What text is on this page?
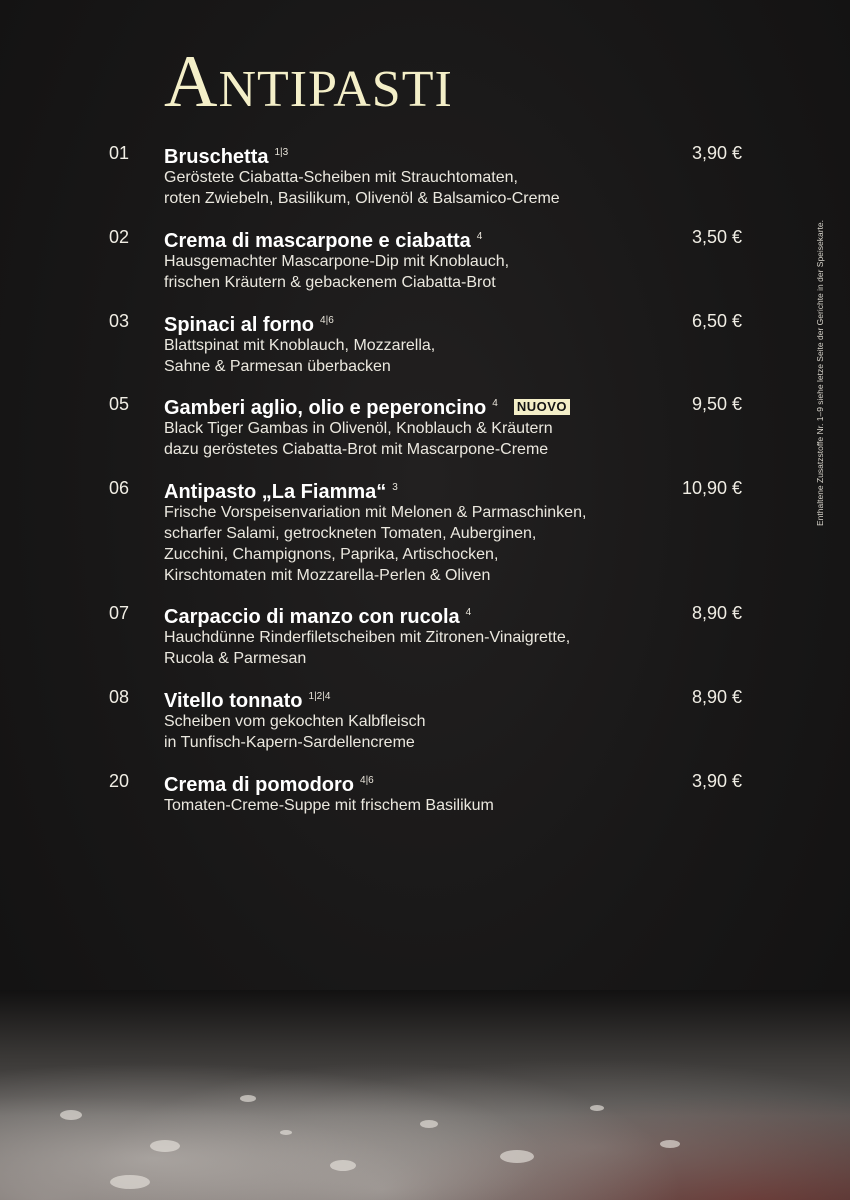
Antipasti
Enthaltene Zusatzstoffe Nr. 1–9 siehe letze Seite der Gerichte in der Speisekarte.
01 Bruschetta $^{1|3}$	3,90 €
Geröstete Ciabatta-Scheiben mit Strauchtomaten,
roten Zwiebeln, Basilikum, Olivenöl & Balsamico-Creme
02 Crema di mascarpone e ciabatta $^4$	3,50 €
Hausgemachter Mascarpone-Dip mit Knoblauch,
frischen Kräutern & gebackenem Ciabatta-Brot
03 Spinaci al forno $^{4|6}$	6,50 €
Blattspinat mit Knoblauch, Mozzarella,
Sahne & Parmesan überbacken
05 Gamberi aglio, olio e peperoncino $^4$ NUOVO	9,50 €
Black Tiger Gambas in Olivenöl, Knoblauch & Kräutern
dazu geröstetes Ciabatta-Brot mit Mascarpone-Creme
06 Antipasto „La Fiamma“ $^3$	10,90 €
Frische Vorspeisenvariation mit Melonen & Parmaschinken,
scharfer Salami, getrockneten Tomaten, Auberginen,
Zucchini, Champignons, Paprika, Artischocken,
Kirschtomaten mit Mozzarella-Perlen & Oliven
07 Carpaccio di manzo con rucola $^4$	8,90 €
Hauchdünne Rinderfiletscheiben mit Zitronen-Vinaigrette,
Rucola & Parmesan
08 Vitello tonnato $^{1|2|4}$	8,90 €
Scheiben vom gekochten Kalbfleisch
in Tunfisch-Kapern-Sardellencreme
20 Crema di pomodoro $^{4|6}$	3,90 €
Tomaten-Creme-Suppe mit frischem Basilikum
